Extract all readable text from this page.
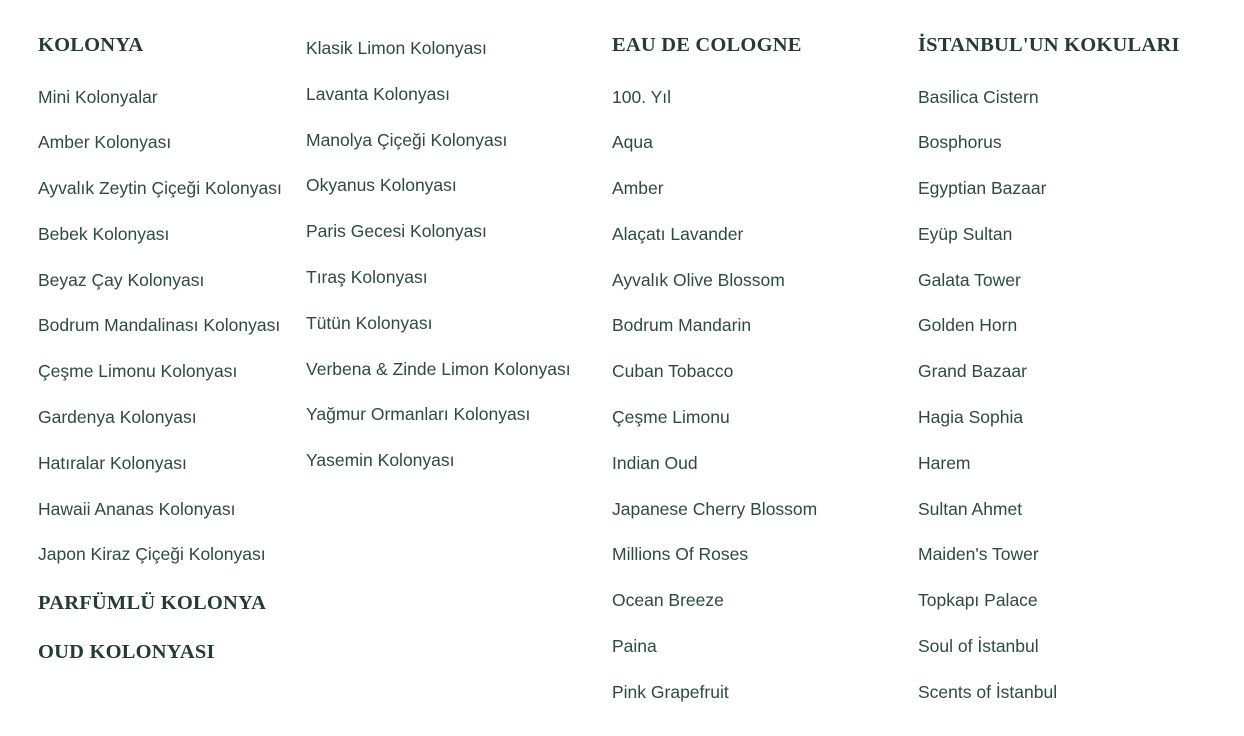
KOLONYA
Mini Kolonyalar
Amber Kolonyası
Ayvalık Zeytin Çiçeği Kolonyası
Bebek Kolonyası
Beyaz Çay Kolonyası
Bodrum Mandalinası Kolonyası
Çeşme Limonu Kolonyası
Gardenya Kolonyası
Hatıralar Kolonyası
Hawaii Ananas Kolonyası
Japon Kiraz Çiçeği Kolonyası
PARFÜMLÜ KOLONYA
OUD KOLONYASI
Klasik Limon Kolonyası
Lavanta Kolonyası
Manolya Çiçeği Kolonyası
Okyanus Kolonyası
Paris Gecesi Kolonyası
Tıraş Kolonyası
Tütün Kolonyası
Verbena & Zinde Limon Kolonyası
Yağmur Ormanları Kolonyası
Yasemin Kolonyası
EAU DE COLOGNE
100. Yıl
Aqua
Amber
Alaçatı Lavander
Ayvalık Olive Blossom
Bodrum Mandarin
Cuban Tobacco
Çeşme Limonu
Indian Oud
Japanese Cherry Blossom
Millions Of Roses
Ocean Breeze
Paina
Pink Grapefruit
İSTANBUL'UN KOKULARI
Basilica Cistern
Bosphorus
Egyptian Bazaar
Eyüp Sultan
Galata Tower
Golden Horn
Grand Bazaar
Hagia Sophia
Harem
Sultan Ahmet
Maiden's Tower
Topkapı Palace
Soul of İstanbul
Scents of İstanbul
